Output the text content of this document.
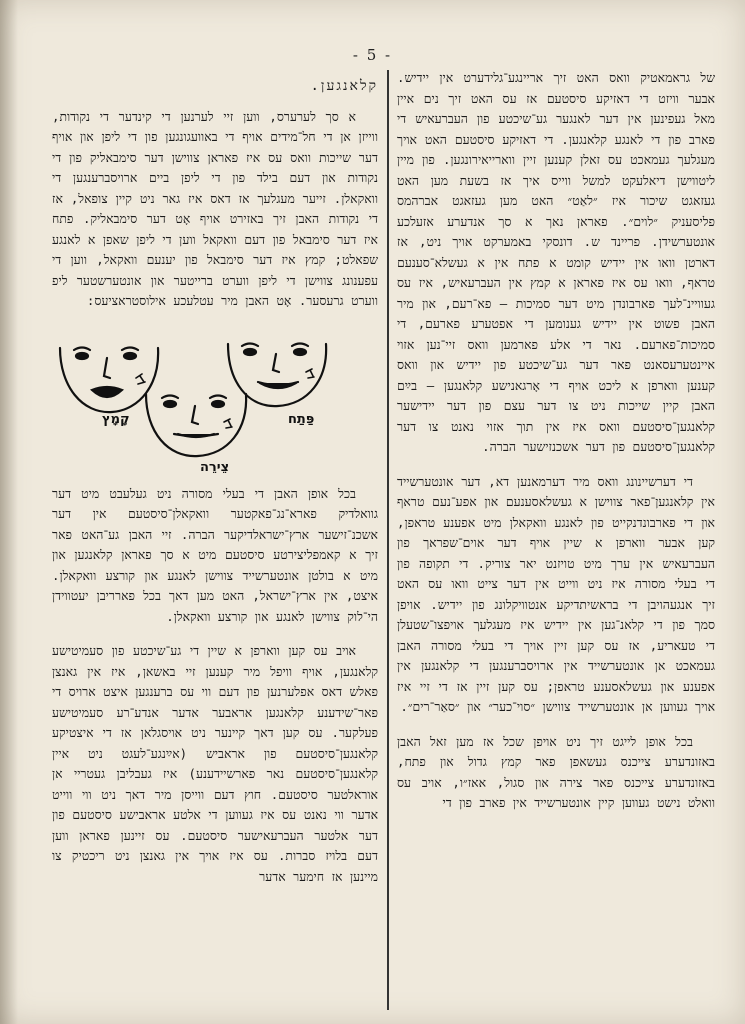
- 5 -

של גראמאטיק וואס האט זיך אריינגע־גלידערט אין יידיש. אבער וויזט די דאזיקע סיסטעם אז עס האט זיך נים איין מאל געפינען אין דער לאנגער גע־שיכטע פון העברעאיש די פארב פון די לאנגע קלאנגען. די דאזיקע סיסטעם האט אויך מעגלעך געמאכט עס זאלן קענען זיין ווארייאירונגען. פון מיין ליטווישן דיאלעקט למשל ווייס איך אז בשעת מען האט געזאגט שיכור איז ״לאַט״ האט מען געזאגט אברהמס פליסעניק ״לוים״. פאראן נאך א סך אנדערע אזעלכע אונטערשידן. פריינד ש. דונסקי באמערקט אויך ניט, אז דארטן וואו אין יידיש קומט א פתח אין א געשלא־סענעם טראף, וואו עס איז פאראן א קמץ אין העברעאיש, איז עס געוויינ־לעך פארבונדן מיט דער סמיכות — פא־רעם, און מיר האבן פשוט אין יידיש גענומען די אפטערע פארעם, די סמיכות־פארעם. נאר די אלע פארמען וואס זיי־נען אזוי איינטערעסאנט פאר דער גע־שיכטע פון יידיש און וואס קענען ווארפן א ליכט אויף די אָרגאנישע קלאנגען — בײַם האבן קיין שייכות ניט צו דער עצם פון דער יידישער קלאנגען־סיסטעם וואס איז אין תוך אזוי נאנט צו דער קלאנגען־סיסטעם פון דער אשכנזישער הברה.

די דערשיינונג וואס מיר דערמאנען דא, דער אונטערשייד אין קלאנגען־פאר צווישן א געשלאסענעם און אפע־נעם טראף און די פארבונדנקייט פון לאנגע וואקאלן מיט אפענע טראפן, קען אבער ווארפן א שיין אויף דער אוים־שפראך פון העברעאיש אין ערך מיט טויזנט יאר צוריק. די תקופה פון די בעלי מסורה איז ניט ווייט אין דער צייט וואו עס האט זיך אנגעהויבן די בראשיתדיקע אנטוויקלונג פון יידיש. אויפן סמך פון די קלאנ־גען אין יידיש איז מעגלעך אויפצו־שטעלן די טעאריע, אז עס קען זיין אויך די בעלי מסורה האבן געמאכט אן אונטערשייד אין ארויסברענגען די קלאנגען אין אפענע און געשלאסענע טראפן; עס קען זיין אז די זיי איז אויך געווען אן אונטערשייד צווישן ״סוי־כער״ און ״סאַר־רים״.

בכל אופן לייגט זיך ניט אויפן שכל אז מען זאל האבן באזונדערע צייכנס געשאפן פאר קמץ גדול און פתח, באזונדערע צייכנס פאר צירה און סגול, אאז״ו, אויב עס וואלט נישט געווען קיין אונטערשייד אין פארב פון די

קלאנגען.

א סך לערערס, ווען זיי לערנען די קינדער די נקודות, ווייזן אן די חל־מידים אויף די באוועגונגען פון די ליפן און אויף דער שייכות וואס עס איז פאראן צווישן דער סימבאליק פון די נקודות און דעם בילד פון די ליפן ביים ארויסברענגען די וואקאלן. זייער מעגלעך אז דאס איז גאר ניט קיין צופאל, אז די נקודות האבן זיך באזירט אויף אָט דער סימבאליק. פתח איז דער סימבאל פון דעם וואקאל ווען די ליפן שאפן א לאנגע שפאלט; קמץ איז דער סימבאל פון יענעם וואקאל, ווען די עפענונג צווישן די ליפן ווערט ברייטער און אונטערשטער ליפ ווערט גרעסער. אָט האבן מיר עטלעכע אילוסטראציעס:

קָמָץ	פַּתַח
צֵירֵה

בכל אופן האבן די בעלי מסורה ניט געלעבט מיט דער גוואלדיק פארא־נג־פאקטער וואקאלן־סיסטעם אין דער אשכנ־זישער ארץ־ישראלדיקער הברה. זיי האבן גע־האט פאר זיך א קאמפליצירטע סיסטעם מיט א סך פאראן קלאנגען און מיט א בולטן אונטערשייד צווישן לאנגע און קורצע וואקאלן. איצט, אין ארץ־ישראל, האט מען דאך בכל פארריבן יעטווידן הי־לוק צווישן לאנגע און קורצע וואקאלן.

אויב עס קען ווארפן א שיין די גע־שיכטע פון סעמיטישע קלאנגען, אויף וויפל מיר קענען זיי באשאן, איז אין גאנצן פאלש דאס אפלערנען פון דעם ווי עס ברענגען איצט ארויס די פאר־שידענע קלאנגען אראבער אדער אנדע־רע סעמיטישע פעלקער. עס קען דאך קיינער ניט אויסגלאן אז די איצטיקע קלאנגען־סיסטעם פון אראביש (אײַנגע־לעגט ניט איין קלאנגען־סיסטעם נאר פארשיידענע) איז געבליבן געטריי אן אוראלטער סיסטעם. חוץ דעם ווייסן מיר דאך ניט ווי ווייט אדער ווי נאנט עס איז געווען די אלטע אראבישע סיסטעם פון דער אלטער העברעאישער סיסטעם. עס זיינען פאראן ווען דעם בלויז סברות. עס איז אויך אין גאנצן ניט ריכטיק צו מיינען אז חימער אדער
